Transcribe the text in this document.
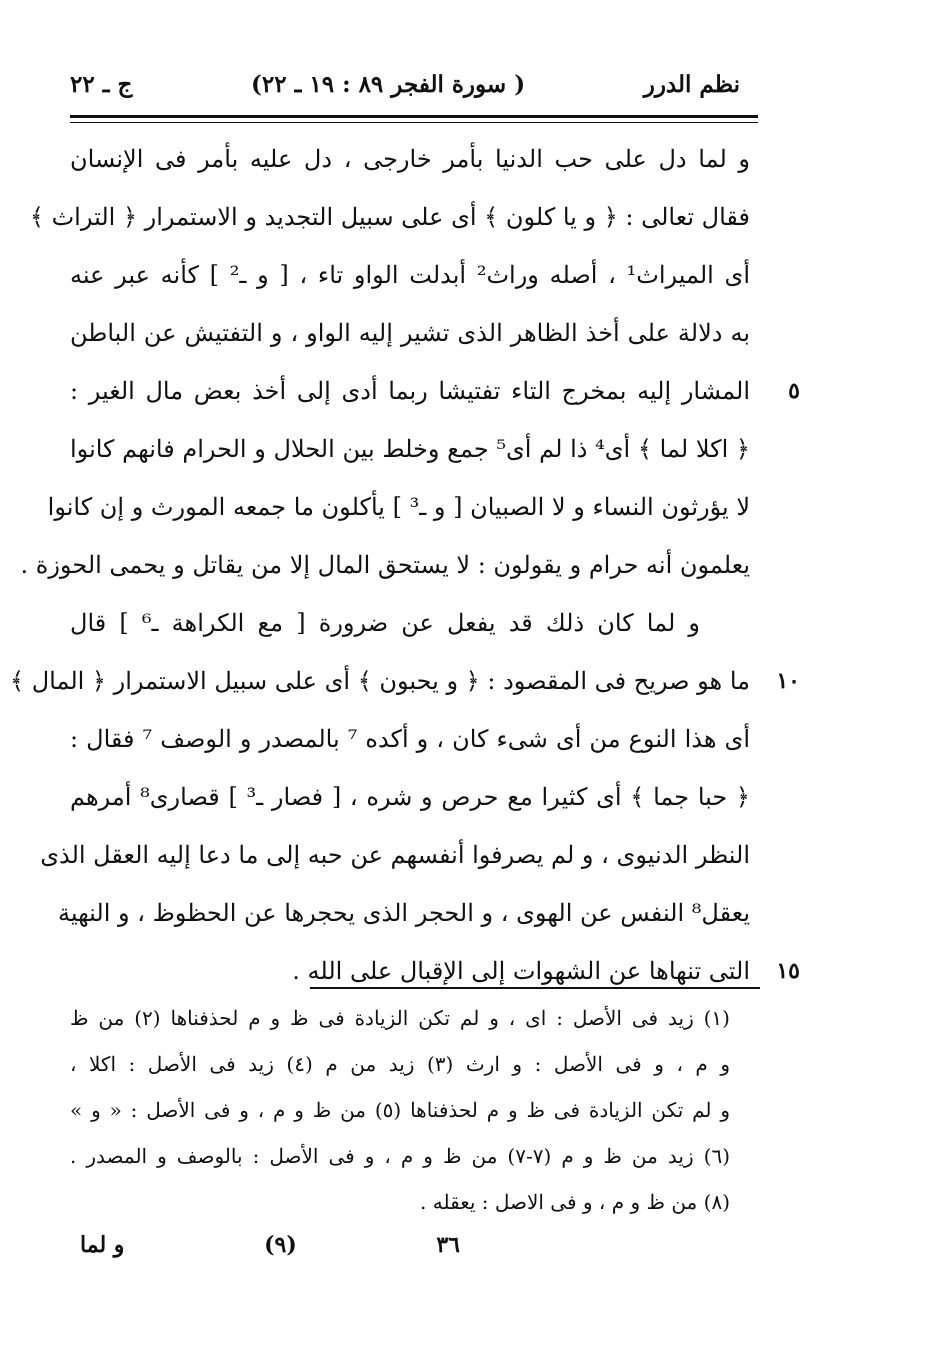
نظم الدرر
( سورة الفجر ٨٩ : ١٩ ـ ٢٢)
ج ـ ٢٢
و لما دل على حب الدنيا بأمر خارجى ، دل عليه بأمر فى الإنسان
فقال تعالى : ﴿ و يا كلون ﴾ أى على سبيل التجديد و الاستمرار ﴿ التراث ﴾
أى الميراث¹ ، أصله وراث² أبدلت الواو تاء ، [ و ـ² ] كأنه عبر عنه
به دلالة على أخذ الظاهر الذى تشير إليه الواو ، و التفتيش عن الباطن
٥
المشار إليه بمخرج التاء تفتيشا ربما أدى إلى أخذ بعض مال الغير :
﴿ اكلا لما ﴾ أى⁴ ذا لم أى⁵ جمع وخلط بين الحلال و الحرام فانهم كانوا
لا يؤرثون النساء و لا الصبيان [ و ـ³ ] يأكلون ما جمعه المورث و إن كانوا
يعلمون أنه حرام و يقولون : لا يستحق المال إلا من يقاتل و يحمى الحوزة .
و لما كان ذلك قد يفعل عن ضرورة [ مع الكراهة ـ⁶ ] قال
١٠
ما هو صريح فى المقصود : ﴿ و يحبون ﴾ أى على سبيل الاستمرار ﴿ المال ﴾
أى هذا النوع من أى شىء كان ، و أكده ⁷ بالمصدر و الوصف ⁷ فقال :
﴿ حبا جما ﴾ أى كثيرا مع حرص و شره ، [ فصار ـ³ ] قصارى⁸ أمرهم
النظر الدنيوى ، و لم يصرفوا أنفسهم عن حبه إلى ما دعا إليه العقل الذى
يعقل⁸ النفس عن الهوى ، و الحجر الذى يحجرها عن الحظوظ ، و النهية
١٥
التى تنهاها عن الشهوات إلى الإقبال على الله .
(١) زيد فى الأصل : اى ، و لم تكن الزيادة فى ظ و م لحذفناها (٢) من ظ
و م ، و فى الأصل : و ارث (٣) زيد من م (٤) زيد فى الأصل : اكلا ،
و لم تكن الزيادة فى ظ و م لحذفناها (٥) من ظ و م ، و فى الأصل : « و »
(٦) زيد من ظ و م (٧-٧) من ظ و م ، و فى الأصل : بالوصف و المصدر .
(٨) من ظ و م ، و فى الاصل : يعقله .
٣٦
(٩)
و لما
